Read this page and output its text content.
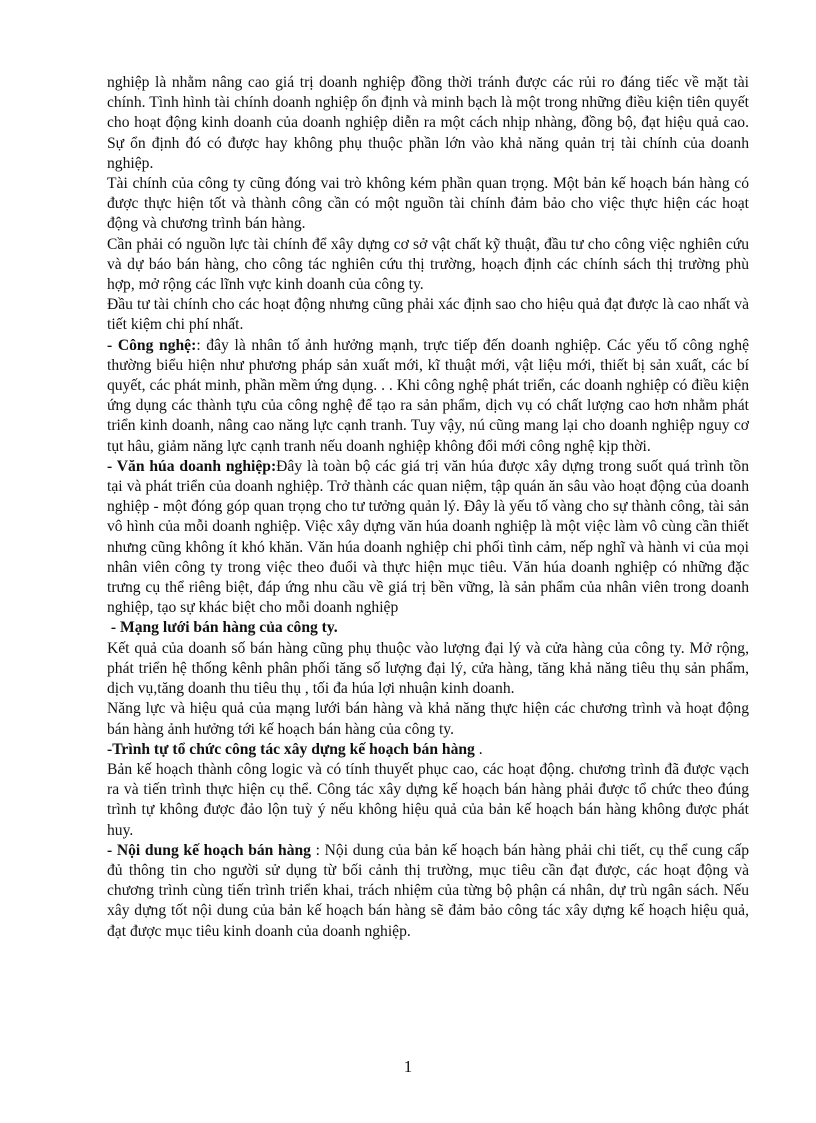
nghiệp là nhằm nâng cao giá trị doanh nghiệp đồng thời tránh được các rủi ro đáng tiếc về mặt tài chính. Tình hình tài chính doanh nghiệp ổn định và minh bạch là một trong những điều kiện tiên quyết cho hoạt động kinh doanh của doanh nghiệp diễn ra một cách nhịp nhàng, đồng bộ, đạt hiệu quả cao. Sự ổn định đó có được hay không phụ thuộc phần lớn vào khả năng quản trị tài chính của doanh nghiệp.

Tài chính của công ty cũng đóng vai trò không kém phần quan trọng. Một bản kế hoạch bán hàng có được thực hiện tốt và thành công cần có một nguồn tài chính đảm bảo cho việc thực hiện các hoạt động và chương trình bán hàng.

Cần phải có nguồn lực tài chính để xây dựng cơ sở vật chất kỹ thuật, đầu tư cho công việc nghiên cứu và dự báo bán hàng, cho công tác nghiên cứu thị trường, hoạch định các chính sách thị trường phù hợp, mở rộng các lĩnh vực kinh doanh của công ty.

Đầu tư tài chính cho các hoạt động nhưng cũng phải xác định sao cho hiệu quả đạt được là cao nhất và tiết kiệm chi phí nhất.

- Công nghệ:: đây là nhân tố ảnh hưởng mạnh, trực tiếp đến doanh nghiệp. Các yếu tố công nghệ thường biểu hiện như phương pháp sản xuất mới, kĩ thuật mới, vật liệu mới, thiết bị sản xuất, các bí quyết, các phát minh, phần mềm ứng dụng. . . Khi công nghệ phát triển, các doanh nghiệp có điều kiện ứng dụng các thành tựu của công nghệ để tạo ra sản phẩm, dịch vụ có chất lượng cao hơn nhằm phát triển kinh doanh, nâng cao năng lực cạnh tranh. Tuy vậy, nú cũng mang lại cho doanh nghiệp nguy cơ tụt hâu, giảm năng lực cạnh tranh nếu doanh nghiệp không đổi mới công nghệ kịp thời.

- Văn húa doanh nghiệp:Đây là toàn bộ các giá trị văn húa được xây dựng trong suốt quá trình tồn tại và phát triển của doanh nghiệp. Trở thành các quan niệm, tập quán ăn sâu vào hoạt động của doanh nghiệp - một đóng góp quan trọng cho tư tưởng quản lý. Đây là yếu tố vàng cho sự thành công, tài sản vô hình của mỗi doanh nghiệp. Việc xây dựng văn húa doanh nghiệp là một việc làm vô cùng cần thiết nhưng cũng không ít khó khăn. Văn húa doanh nghiệp chi phối tình cảm, nếp nghĩ và hành vi của mọi nhân viên công ty trong việc theo đuổi và thực hiện mục tiêu. Văn húa doanh nghiệp có những đặc trưng cụ thể riêng biệt, đáp ứng nhu cầu về giá trị bền vững, là sản phẩm của nhân viên trong doanh nghiệp, tạo sự khác biệt cho mỗi doanh nghiệp

- Mạng lưới bán hàng của công ty.

Kết quả của doanh số bán hàng cũng phụ thuộc vào lượng đại lý và cửa hàng của công ty. Mở rộng, phát triển hệ thống kênh phân phối tăng số lượng đại lý, cửa hàng, tăng khả năng tiêu thụ sản phẩm, dịch vụ,tăng doanh thu tiêu thụ , tối đa húa lợi nhuận kinh doanh.

Năng lực và hiệu quả của mạng lưới bán hàng và khả năng thực hiện các chương trình và hoạt động bán hàng ảnh hưởng tới kế hoạch bán hàng của công ty.

-Trình tự tổ chức công tác xây dựng kế hoạch bán hàng .

Bản kế hoạch thành công logic và có tính thuyết phục cao, các hoạt động. chương trình đã được vạch ra và tiến trình thực hiện cụ thể. Công tác xây dựng kế hoạch bán hàng phải được tổ chức theo đúng trình tự không được đảo lộn tuỳ ý nếu không hiệu quả của bản kế hoạch bán hàng không được phát huy.

- Nội dung kế hoạch bán hàng : Nội dung của bản kế hoạch bán hàng phải chi tiết, cụ thể cung cấp đủ thông tin cho người sử dụng từ bối cảnh thị trường, mục tiêu cần đạt được, các hoạt động và chương trình cùng tiến trình triển khai, trách nhiệm của từng bộ phận cá nhân, dự trù ngân sách. Nếu xây dựng tốt nội dung của bản kế hoạch bán hàng sẽ đảm bảo công tác xây dựng kế hoạch hiệu quả, đạt được mục tiêu kinh doanh của doanh nghiệp.

1
